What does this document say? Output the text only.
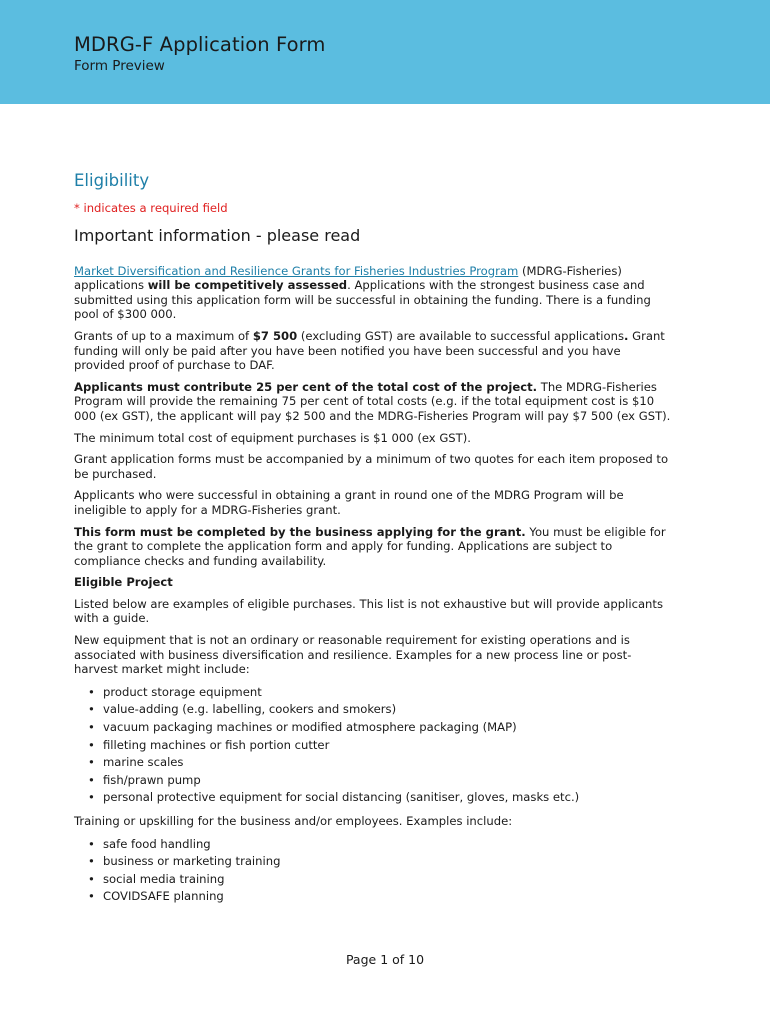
MDRG-F Application Form
Form Preview
Eligibility
* indicates a required field
Important information - please read

Market Diversification and Resilience Grants for Fisheries Industries Program (MDRG-Fisheries) applications will be competitively assessed. Applications with the strongest business case and submitted using this application form will be successful in obtaining the funding. There is a funding pool of $300 000.

Grants of up to a maximum of $7 500 (excluding GST) are available to successful applications. Grant funding will only be paid after you have been notified you have been successful and you have provided proof of purchase to DAF.

Applicants must contribute 25 per cent of the total cost of the project. The MDRG-Fisheries Program will provide the remaining 75 per cent of total costs (e.g. if the total equipment cost is $10 000 (ex GST), the applicant will pay $2 500 and the MDRG-Fisheries Program will pay $7 500 (ex GST).

The minimum total cost of equipment purchases is $1 000 (ex GST).

Grant application forms must be accompanied by a minimum of two quotes for each item proposed to be purchased.

Applicants who were successful in obtaining a grant in round one of the MDRG Program will be ineligible to apply for a MDRG-Fisheries grant.

This form must be completed by the business applying for the grant. You must be eligible for the grant to complete the application form and apply for funding. Applications are subject to compliance checks and funding availability.

Eligible Project

Listed below are examples of eligible purchases. This list is not exhaustive but will provide applicants with a guide.

New equipment that is not an ordinary or reasonable requirement for existing operations and is associated with business diversification and resilience. Examples for a new process line or post-harvest market might include:

• product storage equipment
• value-adding (e.g. labelling, cookers and smokers)
• vacuum packaging machines or modified atmosphere packaging (MAP)
• filleting machines or fish portion cutter
• marine scales
• fish/prawn pump
• personal protective equipment for social distancing (sanitiser, gloves, masks etc.)

Training or upskilling for the business and/or employees. Examples include:

• safe food handling
• business or marketing training
• social media training
• COVIDSAFE planning
Page 1 of 10
